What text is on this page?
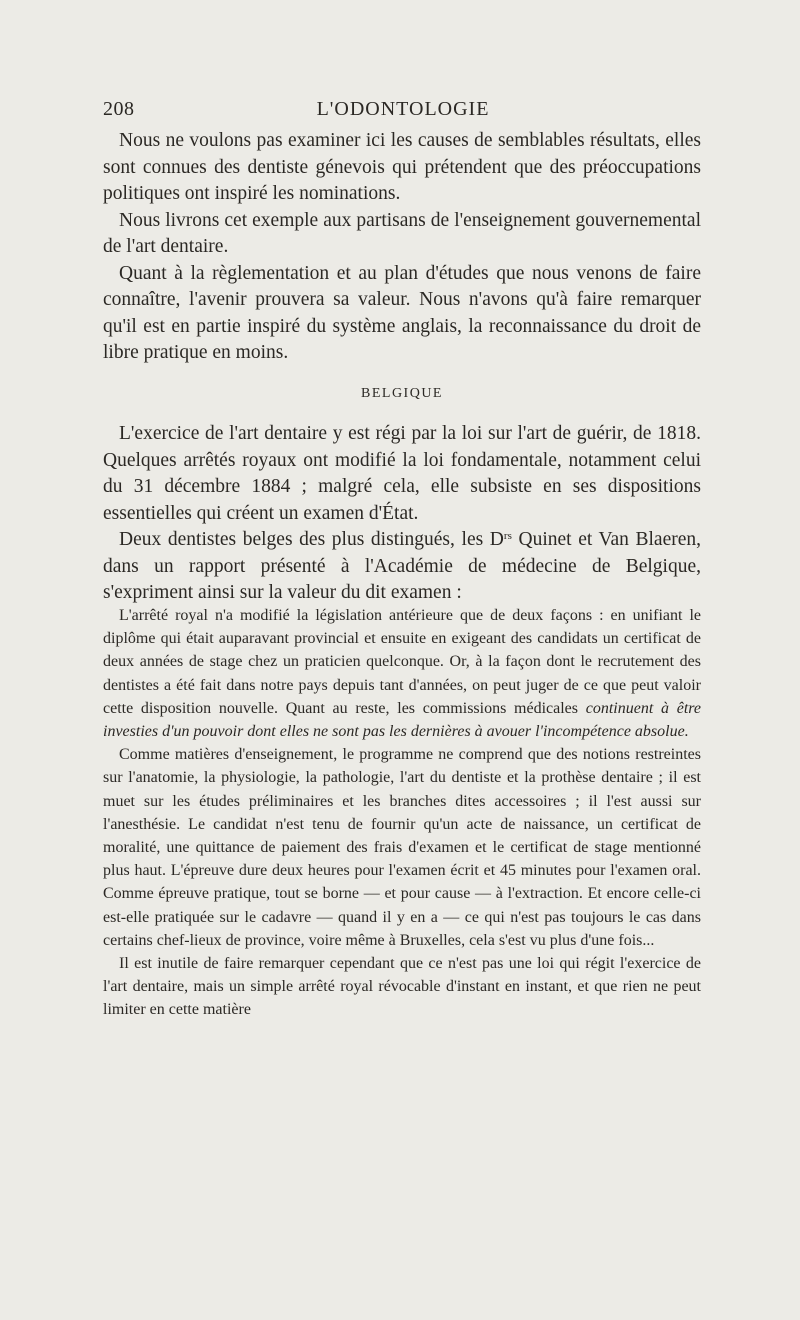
208	L'ODONTOLOGIE

Nous ne voulons pas examiner ici les causes de semblables résultats, elles sont connues des dentiste génevois qui prétendent que des préoccupations politiques ont inspiré les nominations.

Nous livrons cet exemple aux partisans de l'enseignement gouvernemental de l'art dentaire.

Quant à la règlementation et au plan d'études que nous venons de faire connaître, l'avenir prouvera sa valeur. Nous n'avons qu'à faire remarquer qu'il est en partie inspiré du système anglais, la reconnaissance du droit de libre pratique en moins.

BELGIQUE

L'exercice de l'art dentaire y est régi par la loi sur l'art de guérir, de 1818. Quelques arrêtés royaux ont modifié la loi fondamentale, notamment celui du 31 décembre 1884 ; malgré cela, elle subsiste en ses dispositions essentielles qui créent un examen d'État.

Deux dentistes belges des plus distingués, les $D^{rs}$ Quinet et Van Blaeren, dans un rapport présenté à l'Académie de médecine de Belgique, s'expriment ainsi sur la valeur du dit examen :

L'arrêté royal n'a modifié la législation antérieure que de deux façons : en unifiant le diplôme qui était auparavant provincial et ensuite en exigeant des candidats un certificat de deux années de stage chez un praticien quelconque. Or, à la façon dont le recrutement des dentistes a été fait dans notre pays depuis tant d'années, on peut juger de ce que peut valoir cette disposition nouvelle. Quant au reste, les commissions médicales continuent à être investies d'un pouvoir dont elles ne sont pas les dernières à avouer l'incompétence absolue.

Comme matières d'enseignement, le programme ne comprend que des notions restreintes sur l'anatomie, la physiologie, la pathologie, l'art du dentiste et la prothèse dentaire ; il est muet sur les études préliminaires et les branches dites accessoires ; il l'est aussi sur l'anesthésie. Le candidat n'est tenu de fournir qu'un acte de naissance, un certificat de moralité, une quittance de paiement des frais d'examen et le certificat de stage mentionné plus haut. L'épreuve dure deux heures pour l'examen écrit et 45 minutes pour l'examen oral. Comme épreuve pratique, tout se borne — et pour cause — à l'extraction. Et encore celle-ci est-elle pratiquée sur le cadavre — quand il y en a — ce qui n'est pas toujours le cas dans certains chef-lieux de province, voire même à Bruxelles, cela s'est vu plus d'une fois...

Il est inutile de faire remarquer cependant que ce n'est pas une loi qui régit l'exercice de l'art dentaire, mais un simple arrêté royal révocable d'instant en instant, et que rien ne peut limiter en cette matière
